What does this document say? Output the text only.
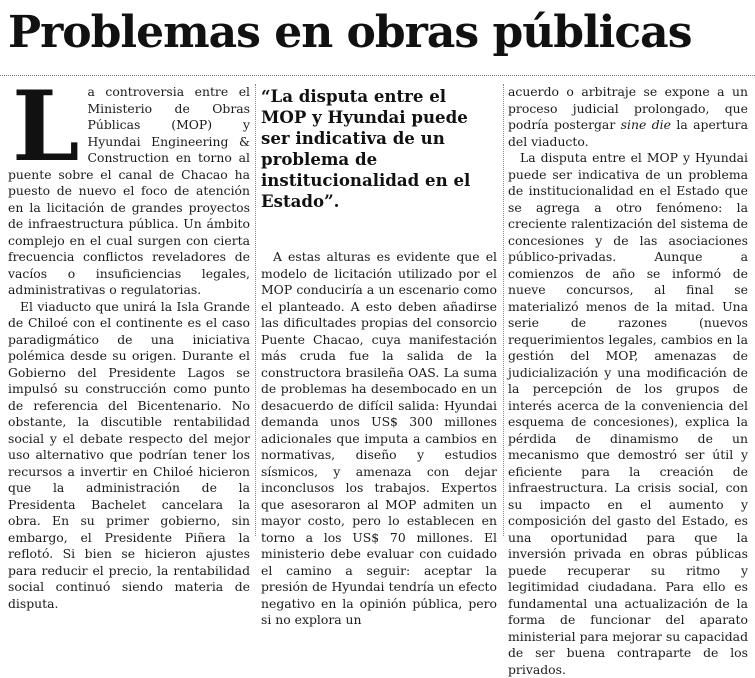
Problemas en obras públicas
L a controversia entre el Ministerio de Obras Públicas (MOP) y Hyundai Engineering & Construction en torno al puente sobre el canal de Chacao ha puesto de nuevo el foco de atención en la licitación de grandes proyectos de infraestructura pública. Un ámbito complejo en el cual surgen con cierta frecuencia conflictos reveladores de vacíos o insuficiencias legales, administrativas o regulatorias.

El viaducto que unirá la Isla Grande de Chiloé con el continente es el caso paradigmático de una iniciativa polémica desde su origen. Durante el Gobierno del Presidente Lagos se impulsó su construcción como punto de referencia del Bicentenario. No obstante, la discutible rentabilidad social y el debate respecto del mejor uso alternativo que podrían tener los recursos a invertir en Chiloé hicieron que la administración de la Presidenta Bachelet cancelara la obra. En su primer gobierno, sin embargo, el Presidente Piñera la reflotó. Si bien se hicieron ajustes para reducir el precio, la rentabilidad social continuó siendo materia de disputa.

“La disputa entre el MOP y Hyundai puede ser indicativa de un problema de institucionalidad en el Estado”.

A estas alturas es evidente que el modelo de licitación utilizado por el MOP conduciría a un escenario como el planteado. A esto deben añadirse las dificultades propias del consorcio Puente Chacao, cuya manifestación más cruda fue la salida de la constructora brasileña OAS. La suma de problemas ha desembocado en un desacuerdo de difícil salida: Hyundai demanda unos US$ 300 millones adicionales que imputa a cambios en normativas, diseño y estudios sísmicos, y amenaza con dejar inconclusos los trabajos. Expertos que asesoraron al MOP admiten un mayor costo, pero lo establecen en torno a los US$ 70 millones. El ministerio debe evaluar con cuidado el camino a seguir: aceptar la presión de Hyundai tendría un efecto negativo en la opinión pública, pero si no explora un

acuerdo o arbitraje se expone a un proceso judicial prolongado, que podría postergar sine die la apertura del viaducto.

La disputa entre el MOP y Hyundai puede ser indicativa de un problema de institucionalidad en el Estado que se agrega a otro fenómeno: la creciente ralentización del sistema de concesiones y de las asociaciones público-privadas. Aunque a comienzos de año se informó de nueve concursos, al final se materializó menos de la mitad. Una serie de razones (nuevos requerimientos legales, cambios en la gestión del MOP, amenazas de judicialización y una modificación de la percepción de los grupos de interés acerca de la conveniencia del esquema de concesiones), explica la pérdida de dinamismo de un mecanismo que demostró ser útil y eficiente para la creación de infraestructura. La crisis social, con su impacto en el aumento y composición del gasto del Estado, es una oportunidad para que la inversión privada en obras públicas puede recuperar su ritmo y legitimidad ciudadana. Para ello es fundamental una actualización de la forma de funcionar del aparato ministerial para mejorar su capacidad de ser buena contraparte de los privados.
